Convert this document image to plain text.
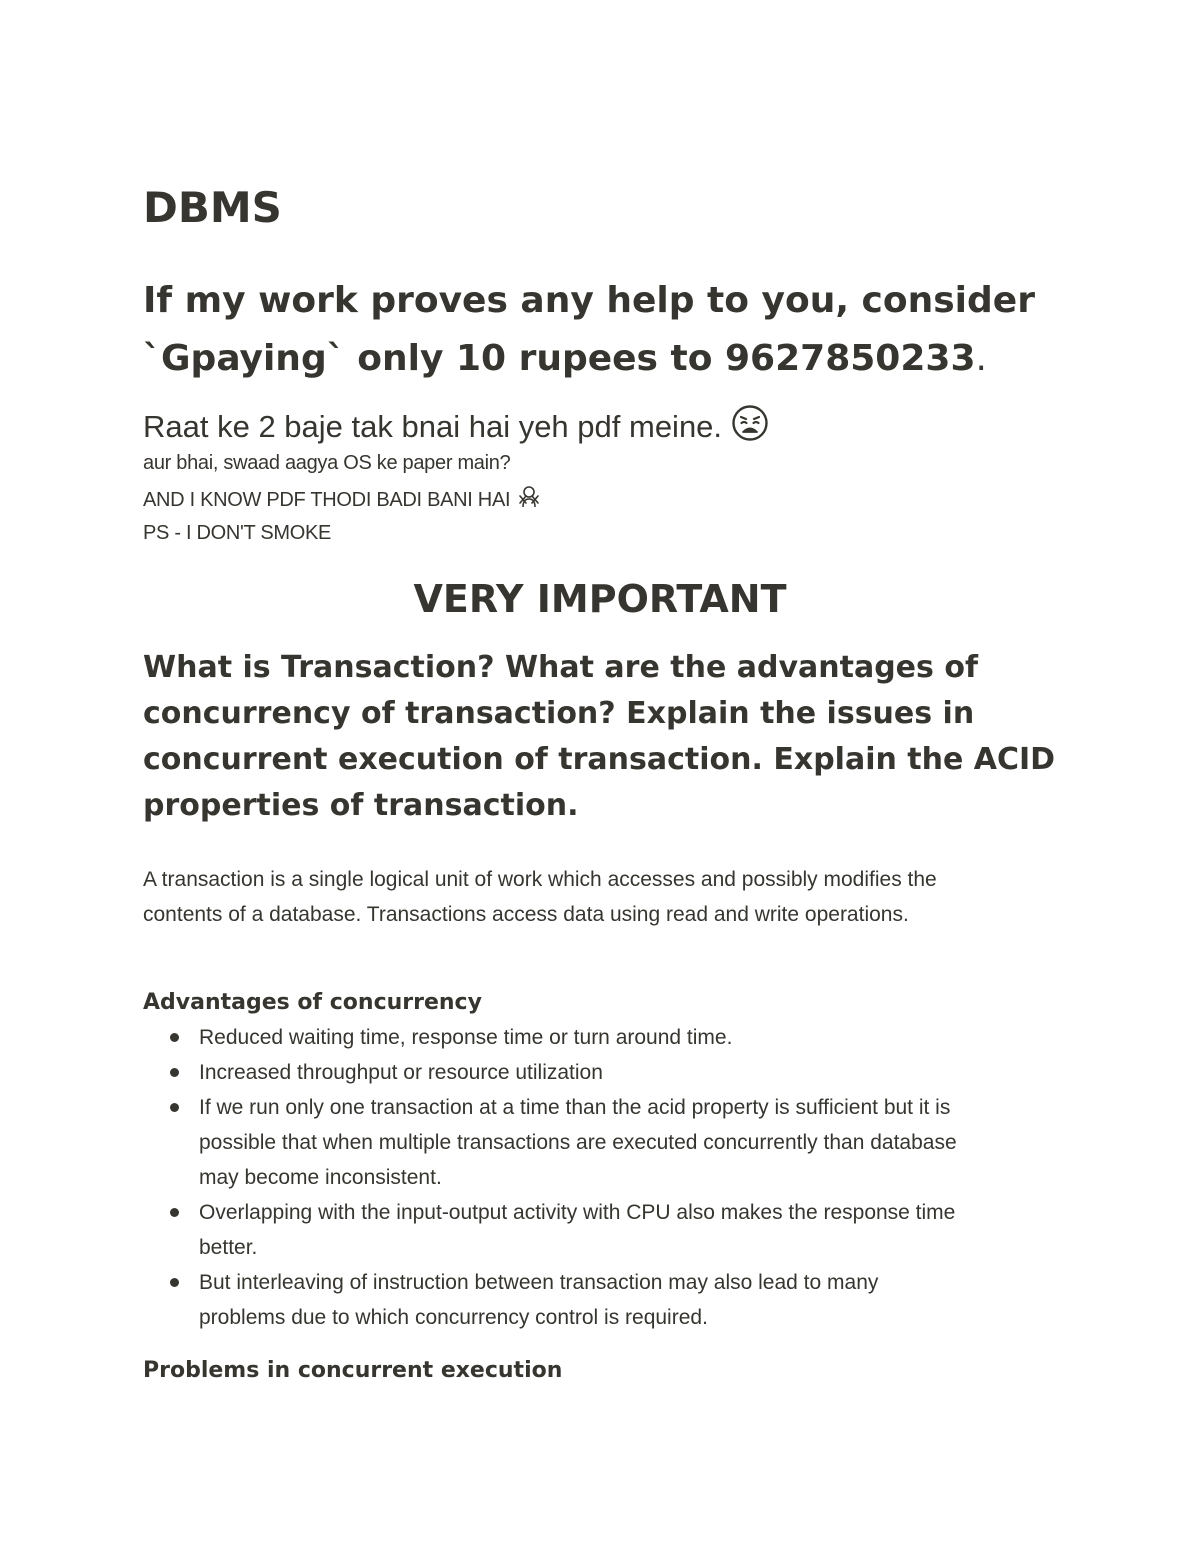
DBMS
If my work proves any help to you, consider
`Gpaying` only 10 rupees to 9627850233.
Raat ke 2 baje tak bnai hai yeh pdf meine.
aur bhai, swaad aagya OS ke paper main?
AND I KNOW PDF THODI BADI BANI HAI
PS - I DON'T SMOKE
VERY IMPORTANT
What is Transaction? What are the advantages of
concurrency of transaction? Explain the issues in
concurrent execution of transaction. Explain the ACID
properties of transaction.

A transaction is a single logical unit of work which accesses and possibly modifies the
contents of a database. Transactions access data using read and write operations.

Advantages of concurrency
Reduced waiting time, response time or turn around time.
Increased throughput or resource utilization
If we run only one transaction at a time than the acid property is sufficient but it is
possible that when multiple transactions are executed concurrently than database
may become inconsistent.
Overlapping with the input-output activity with CPU also makes the response time
better.
But interleaving of instruction between transaction may also lead to many
problems due to which concurrency control is required.
Problems in concurrent execution
